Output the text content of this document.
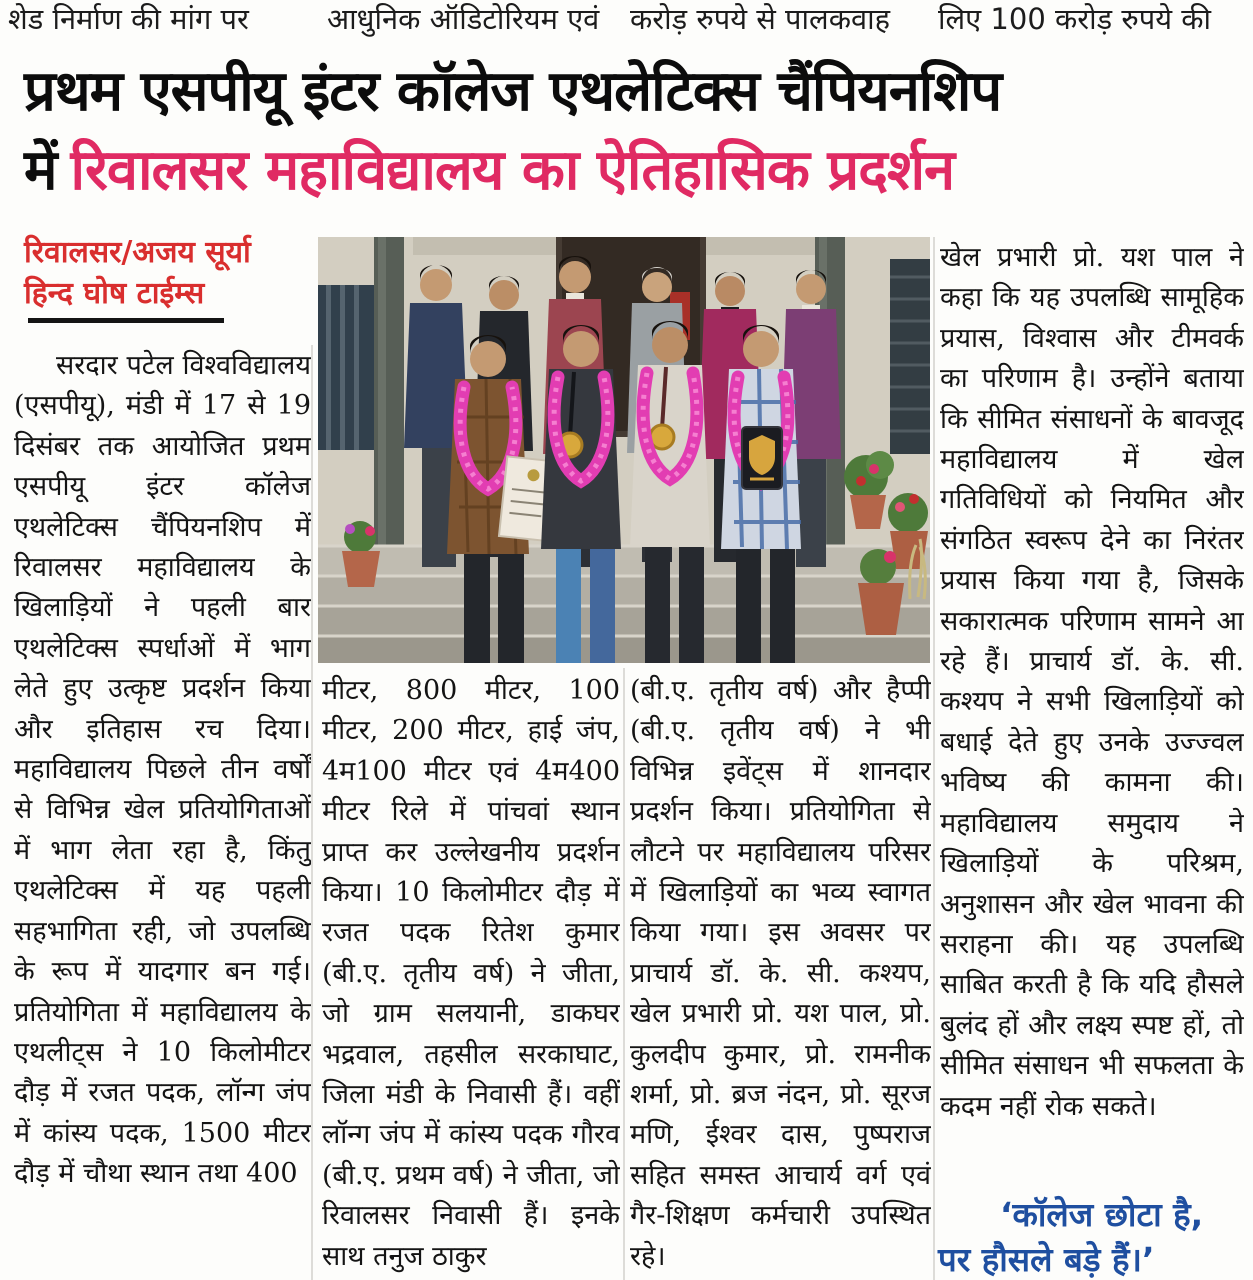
शेड निर्माण की मांग पर	आधुनिक ऑडिटोरियम एवं करोड़ रुपये से पालकवाह लिए 100 करोड़ रुपये की
प्रथम एसपीयू इंटर कॉलेज एथलेटिक्स चैंपियनशिप
में रिवालसर महाविद्यालय का ऐतिहासिक प्रदर्शन
रिवालसर/अजय सूर्या
हिन्द घोष टाईम्स
सरदार पटेल विश्वविद्यालय (एसपीयू), मंडी में 17 से 19 दिसंबर तक आयोजित प्रथम एसपीयू इंटर कॉलेज एथलेटिक्स चैंपियनशिप में रिवालसर महाविद्यालय के खिलाड़ियों ने पहली बार एथलेटिक्स स्पर्धाओं में भाग लेते हुए उत्कृष्ट प्रदर्शन किया और इतिहास रच दिया। महाविद्यालय पिछले तीन वर्षों से विभिन्न खेल प्रतियोगिताओं में भाग लेता रहा है, किंतु एथलेटिक्स में यह पहली सहभागिता रही, जो उपलब्धि के रूप में यादगार बन गई। प्रतियोगिता में महाविद्यालय के एथलीट्स ने 10 किलोमीटर दौड़ में रजत पदक, लॉन्ग जंप में कांस्य पदक, 1500 मीटर दौड़ में चौथा स्थान तथा 400
मीटर, 800 मीटर, 100 मीटर, 200 मीटर, हाई जंप, 4म100 मीटर एवं 4म400 मीटर रिले में पांचवां स्थान प्राप्त कर उल्लेखनीय प्रदर्शन किया। 10 किलोमीटर दौड़ में रजत पदक रितेश कुमार (बी.ए. तृतीय वर्ष) ने जीता, जो ग्राम सलयानी, डाकघर भद्रवाल, तहसील सरकाघाट, जिला मंडी के निवासी हैं। वहीं लॉन्ग जंप में कांस्य पदक गौरव (बी.ए. प्रथम वर्ष) ने जीता, जो रिवालसर निवासी हैं। इनके साथ तनुज ठाकुर
(बी.ए. तृतीय वर्ष) और हैप्पी (बी.ए. तृतीय वर्ष) ने भी विभिन्न इवेंट्स में शानदार प्रदर्शन किया। प्रतियोगिता से लौटने पर महाविद्यालय परिसर में खिलाड़ियों का भव्य स्वागत किया गया। इस अवसर पर प्राचार्य डॉ. के. सी. कश्यप, खेल प्रभारी प्रो. यश पाल, प्रो. कुलदीप कुमार, प्रो. रामनीक शर्मा, प्रो. ब्रज नंदन, प्रो. सूरज मणि, ईश्वर दास, पुष्पराज सहित समस्त आचार्य वर्ग एवं गैर-शिक्षण कर्मचारी उपस्थित रहे।
खेल प्रभारी प्रो. यश पाल ने कहा कि यह उपलब्धि सामूहिक प्रयास, विश्वास और टीमवर्क का परिणाम है। उन्होंने बताया कि सीमित संसाधनों के बावजूद महाविद्यालय में खेल गतिविधियों को नियमित और संगठित स्वरूप देने का निरंतर प्रयास किया गया है, जिसके सकारात्मक परिणाम सामने आ रहे हैं। प्राचार्य डॉ. के. सी. कश्यप ने सभी खिलाड़ियों को बधाई देते हुए उनके उज्ज्वल भविष्य की कामना की। महाविद्यालय समुदाय ने खिलाड़ियों के परिश्रम, अनुशासन और खेल भावना की सराहना की। यह उपलब्धि साबित करती है कि यदि हौसले बुलंद हों और लक्ष्य स्पष्ट हों, तो सीमित संसाधन भी सफलता के कदम नहीं रोक सकते।
‘कॉलेज छोटा है, पर हौसले बड़े हैं।’
